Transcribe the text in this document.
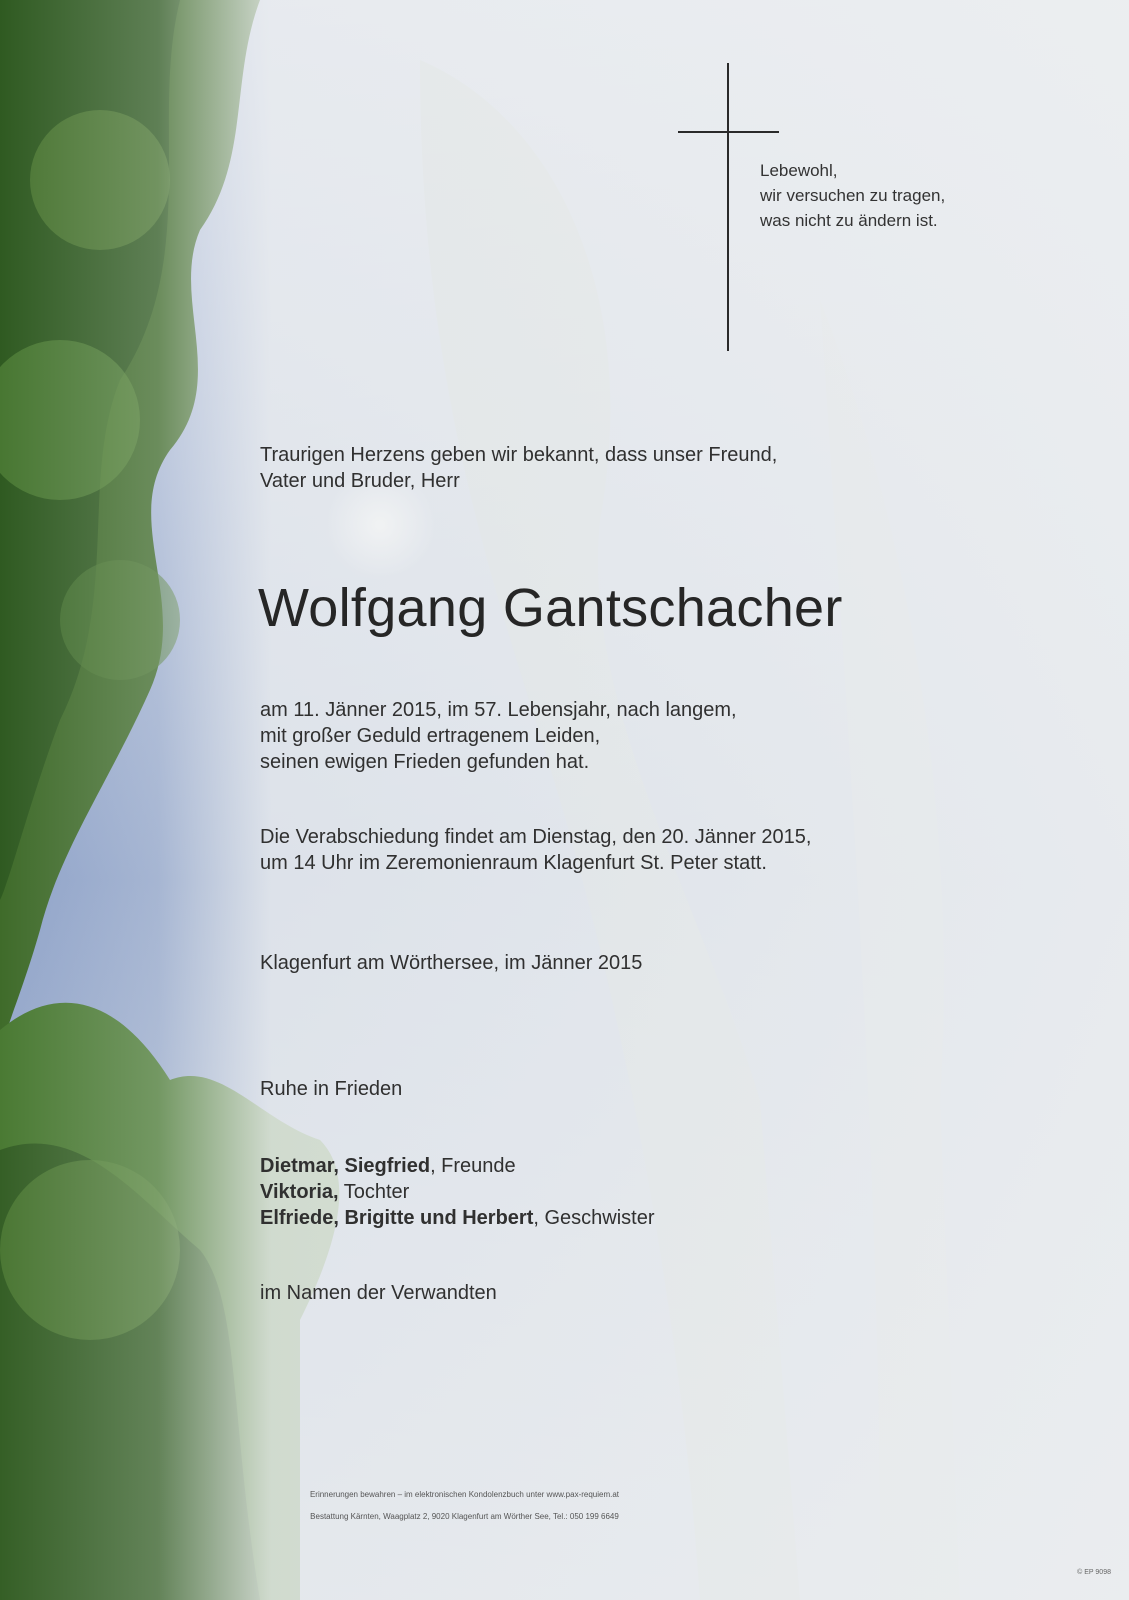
Lebewohl,
wir versuchen zu tragen,
was nicht zu ändern ist.
Traurigen Herzens geben wir bekannt, dass unser Freund,
Vater und Bruder, Herr
Wolfgang Gantschacher
am 11. Jänner 2015, im 57. Lebensjahr, nach langem,
mit großer Geduld ertragenem Leiden,
seinen ewigen Frieden gefunden hat.
Die Verabschiedung findet am Dienstag, den 20. Jänner 2015,
um 14 Uhr im Zeremonienraum Klagenfurt St. Peter statt.
Klagenfurt am Wörthersee, im Jänner 2015
Ruhe in Frieden
Dietmar, Siegfried, Freunde
Viktoria, Tochter
Elfriede, Brigitte und Herbert, Geschwister
im Namen der Verwandten
Erinnerungen bewahren – im elektronischen Kondolenzbuch unter www.pax-requiem.at
Bestattung Kärnten, Waagplatz 2, 9020 Klagenfurt am Wörther See, Tel.: 050 199 6649
© EP 9098
